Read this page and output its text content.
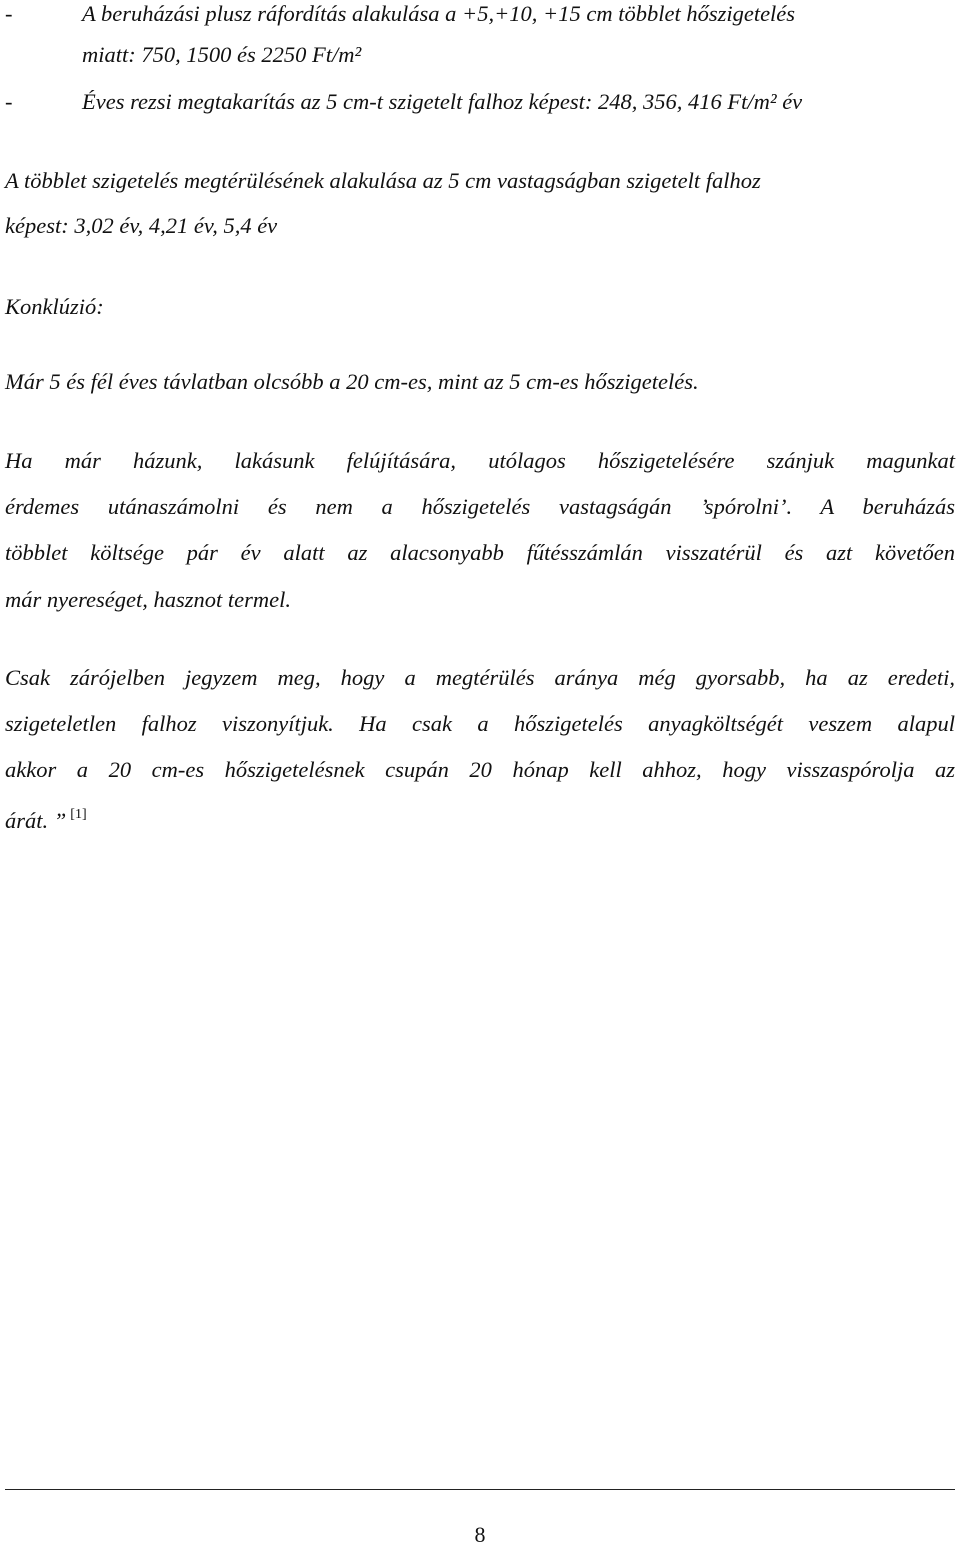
-	A beruházási plusz ráfordítás alakulása a +5,+10, +15 cm többlet hőszigetelés
miatt: 750, 1500 és 2250 Ft/m²
-	Éves rezsi megtakarítás az 5 cm-t szigetelt falhoz képest: 248, 356, 416 Ft/m² év
A többlet szigetelés megtérülésének alakulása az 5 cm vastagságban szigetelt falhoz
képest: 3,02 év, 4,21 év, 5,4 év
Konklúzió:
Már 5 és fél éves távlatban olcsóbb a 20 cm-es, mint az 5 cm-es hőszigetelés.
Ha már házunk, lakásunk felújítására, utólagos hőszigetelésére szánjuk magunkat
érdemes utánaszámolni és nem a hőszigetelés vastagságán ’spórolni’. A beruházás
többlet költsége pár év alatt az alacsonyabb fűtésszámlán visszatérül és azt követően
már nyereséget, hasznot termel.
Csak zárójelben jegyzem meg, hogy a megtérülés aránya még gyorsabb, ha az eredeti,
szigeteletlen falhoz viszonyítjuk. Ha csak a hőszigetelés anyagköltségét veszem alapul
akkor a 20 cm-es hőszigetelésnek csupán 20 hónap kell ahhoz, hogy visszaspórolja az
árát. ” [1]
8
